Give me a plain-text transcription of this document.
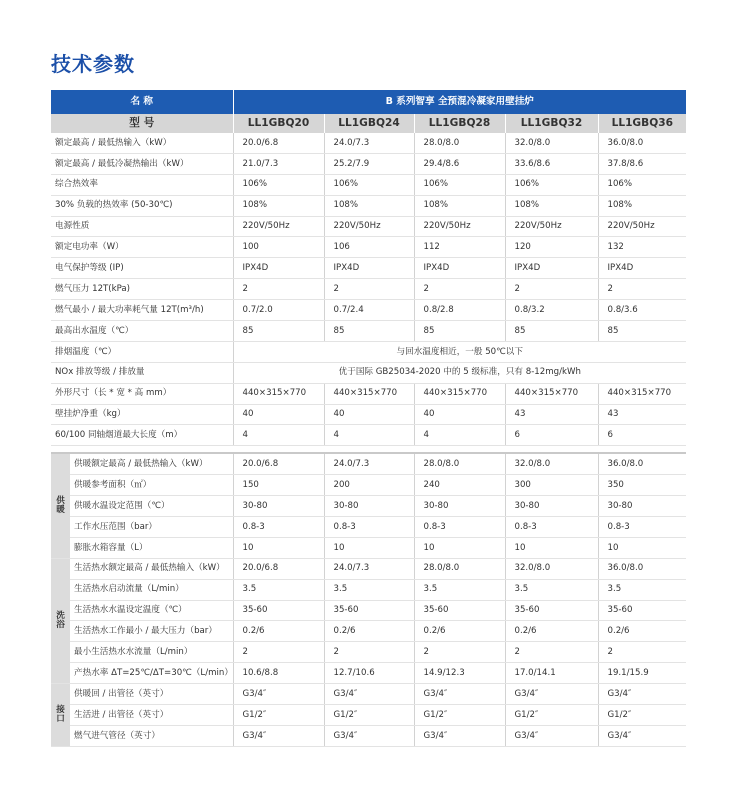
技术参数
名 称		B 系列智享 全预混冷凝家用壁挂炉				
型 号		LL1GBQ20	LL1GBQ24	LL1GBQ28	LL1GBQ32	LL1GBQ36
额定最高 / 最低热输入（kW）		20.0/6.8	24.0/7.3	28.0/8.0	32.0/8.0	36.0/8.0
额定最高 / 最低冷凝热输出（kW）		21.0/7.3	25.2/7.9	29.4/8.6	33.6/8.6	37.8/8.6
综合热效率		106%	106%	106%	106%	106%
30% 负载的热效率 (50-30℃)		108%	108%	108%	108%	108%
电源性质		220V/50Hz	220V/50Hz	220V/50Hz	220V/50Hz	220V/50Hz
额定电功率（W）		100	106	112	120	132
电气保护等级 (IP)		IPX4D	IPX4D	IPX4D	IPX4D	IPX4D
燃气压力 12T(kPa)		2	2	2	2	2
燃气最小 / 最大功率耗气量 12T(m³/h)		0.7/2.0	0.7/2.4	0.8/2.8	0.8/3.2	0.8/3.6
最高出水温度（℃）		85	85	85	85	85
排烟温度（℃）		与回水温度相近，一般 50℃以下				
NOx 排放等级 / 排放量		优于国际 GB25034-2020 中的 5 级标准，只有 8-12mg/kWh				
外形尺寸（长 * 宽 * 高 mm）		440×315×770	440×315×770	440×315×770	440×315×770	440×315×770
壁挂炉净重（kg）		40	40	40	43	43
60/100 同轴烟道最大长度（m）		4	4	4	6	6

供
暖	供暖额定最高 / 最低热输入（kW）	20.0/6.8	24.0/7.3	28.0/8.0	32.0/8.0	36.0/8.0
	供暖参考面积（㎡）	150	200	240	300	350
	供暖水温设定范围（℃）	30-80	30-80	30-80	30-80	30-80
	工作水压范围（bar）	0.8-3	0.8-3	0.8-3	0.8-3	0.8-3
	膨胀水箱容量（L）	10	10	10	10	10

洗
浴	生活热水额定最高 / 最低热输入（kW）	20.0/6.8	24.0/7.3	28.0/8.0	32.0/8.0	36.0/8.0
	生活热水启动流量（L/min）	3.5	3.5	3.5	3.5	3.5
	生活热水水温设定温度（℃）	35-60	35-60	35-60	35-60	35-60
	生活热水工作最小 / 最大压力（bar）	0.2/6	0.2/6	0.2/6	0.2/6	0.2/6
	最小生活热水水流量（L/min）	2	2	2	2	2
	产热水率 ΔT=25℃/ΔT=30℃（L/min）	10.6/8.8	12.7/10.6	14.9/12.3	17.0/14.1	19.1/15.9

接
口	供暖回 / 出管径（英寸）	G3/4″	G3/4″	G3/4″	G3/4″	G3/4″
	生活进 / 出管径（英寸）	G1/2″	G1/2″	G1/2″	G1/2″	G1/2″
	燃气进气管径（英寸）	G3/4″	G3/4″	G3/4″	G3/4″	G3/4″
